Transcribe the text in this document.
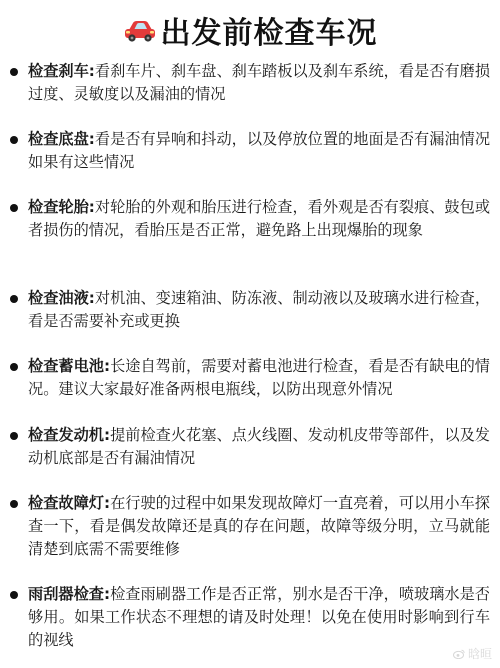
出发前检查车况
检查刹车:看刹车片、刹车盘、刹车踏板以及刹车系统，看是否有磨损过度、灵敏度以及漏油的情况
检查底盘:看是否有异响和抖动，以及停放位置的地面是否有漏油情况如果有这些情况
检查轮胎:对轮胎的外观和胎压进行检查，看外观是否有裂痕、鼓包或者损伤的情况，看胎压是否正常，避免路上出现爆胎的现象
检查油液:对机油、变速箱油、防冻液、制动液以及玻璃水进行检查，看是否需要补充或更换
检查蓄电池:长途自驾前，需要对蓄电池进行检查，看是否有缺电的情况。建议大家最好准备两根电瓶线，以防出现意外情况
检查发动机:提前检查火花塞、点火线圈、发动机皮带等部件，以及发动机底部是否有漏油情况
检查故障灯:在行驶的过程中如果发现故障灯一直亮着，可以用小车探查一下，看是偶发故障还是真的存在问题，故障等级分明，立马就能清楚到底需不需要维修
雨刮器检查:检查雨刷器工作是否正常，别水是否干净，喷玻璃水是否够用。如果工作状态不理想的请及时处理！以免在使用时影响到行车的视线
晗晅
